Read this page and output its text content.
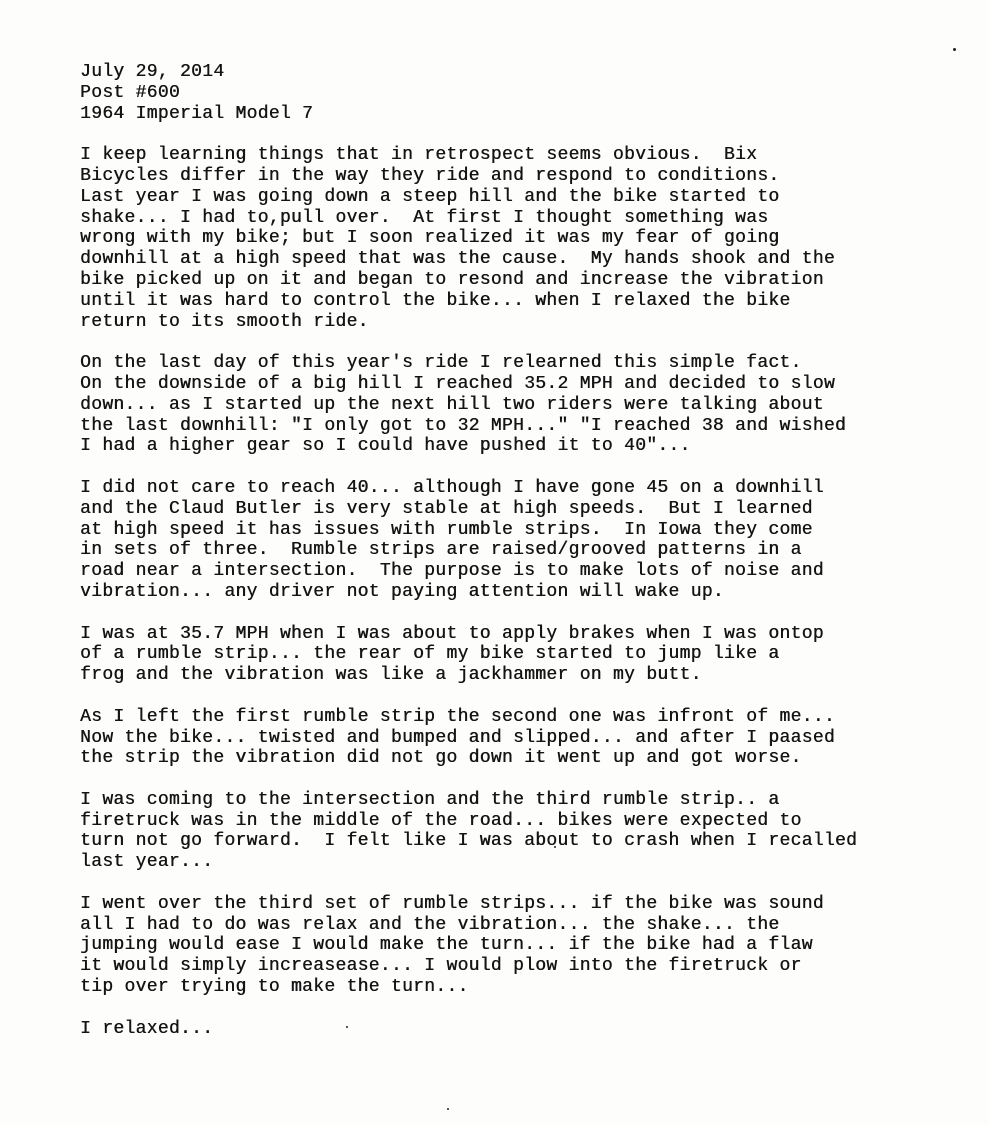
July 29, 2014
Post #600
1964 Imperial Model 7
I keep learning things that in retrospect seems obvious.  Bix
Bicycles differ in the way they ride and respond to conditions.
Last year I was going down a steep hill and the bike started to
shake... I had to,pull over.  At first I thought something was
wrong with my bike; but I soon realized it was my fear of going
downhill at a high speed that was the cause.  My hands shook and the
bike picked up on it and began to resond and increase the vibration
until it was hard to control the bike... when I relaxed the bike
return to its smooth ride.
On the last day of this year's ride I relearned this simple fact.
On the downside of a big hill I reached 35.2 MPH and decided to slow
down... as I started up the next hill two riders were talking about
the last downhill: "I only got to 32 MPH..." "I reached 38 and wished
I had a higher gear so I could have pushed it to 40"...
I did not care to reach 40... although I have gone 45 on a downhill
and the Claud Butler is very stable at high speeds.  But I learned
at high speed it has issues with rumble strips.  In Iowa they come
in sets of three.  Rumble strips are raised/grooved patterns in a
road near a intersection.  The purpose is to make lots of noise and
vibration... any driver not paying attention will wake up.
I was at 35.7 MPH when I was about to apply brakes when I was ontop
of a rumble strip... the rear of my bike started to jump like a
frog and the vibration was like a jackhammer on my butt.
As I left the first rumble strip the second one was infront of me...
Now the bike... twisted and bumped and slipped... and after I paased
the strip the vibration did not go down it went up and got worse.
I was coming to the intersection and the third rumble strip.. a
firetruck was in the middle of the road... bikes were expected to
turn not go forward.  I felt like I was about to crash when I recalled
last year...
I went over the third set of rumble strips... if the bike was sound
all I had to do was relax and the vibration... the shake... the
jumping would ease I would make the turn... if the bike had a flaw
it would simply increasease... I would plow into the firetruck or
tip over trying to make the turn...
I relaxed...
